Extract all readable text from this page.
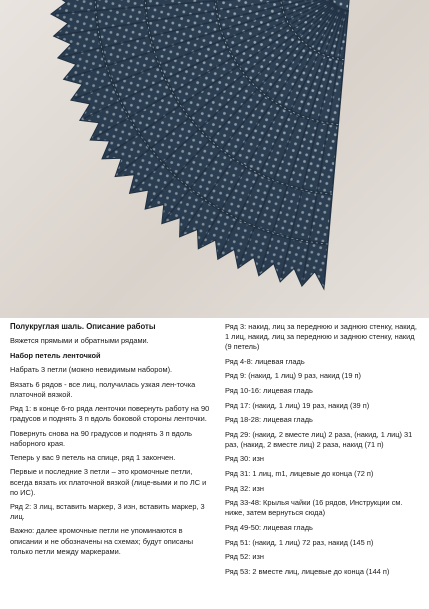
Полукруглая шаль. Описание работы

Вяжется прямыми и обратными рядами.

Набор петель ленточкой

Набрать 3 петли (можно невидимым набором).

Вязать 6 рядов - все лиц, получилась узкая лен-точка платочной вязкой.

Ряд 1: в конце 6-го ряда ленточки повернуть работу на 90 градусов и поднять 3 п вдоль боковой стороны ленточки.

Повернуть снова на 90 градусов и поднять 3 п вдоль наборного края.

Теперь у вас 9 петель на спице, ряд 1 закончен.

Первые и последние 3 петли – это кромочные петли, всегда вязать их платочной вязкой (лице-выми и по ЛС и по ИС).

Ряд 2: 3 лиц, вставить маркер, 3 изн, вставить маркер, 3 лиц.

Важно: далее кромочные петли не упоминаются в описании и не обозначены на схемах; будут описаны только петли между маркерами.

Ряд 3: накид, лиц за переднюю и заднюю стенку, накид, 1 лиц, накид, лиц за переднюю и заднюю стенку, накид (9 петель)

Ряд 4-8: лицевая гладь

Ряд 9: (накид, 1 лиц) 9 раз, накид (19 п)

Ряд 10-16: лицевая гладь

Ряд 17: (накид, 1 лиц) 19 раз, накид (39 п)

Ряд 18-28: лицевая гладь

Ряд 29: (накид, 2 вместе лиц) 2 раза, (накид, 1 лиц) 31 раз, (накид, 2 вместе лиц) 2 раза, накид (71 п)

Ряд 30: изн

Ряд 31: 1 лиц, m1, лицевые до конца (72 п)

Ряд 32: изн

Ряд 33-48: Крылья чайки (16 рядов, Инструкции см. ниже, затем вернуться сюда)

Ряд 49-50: лицевая гладь

Ряд 51: (накид, 1 лиц) 72 раз, накид (145 п)

Ряд 52: изн

Ряд 53: 2 вместе лиц, лицевые до конца (144 п)
